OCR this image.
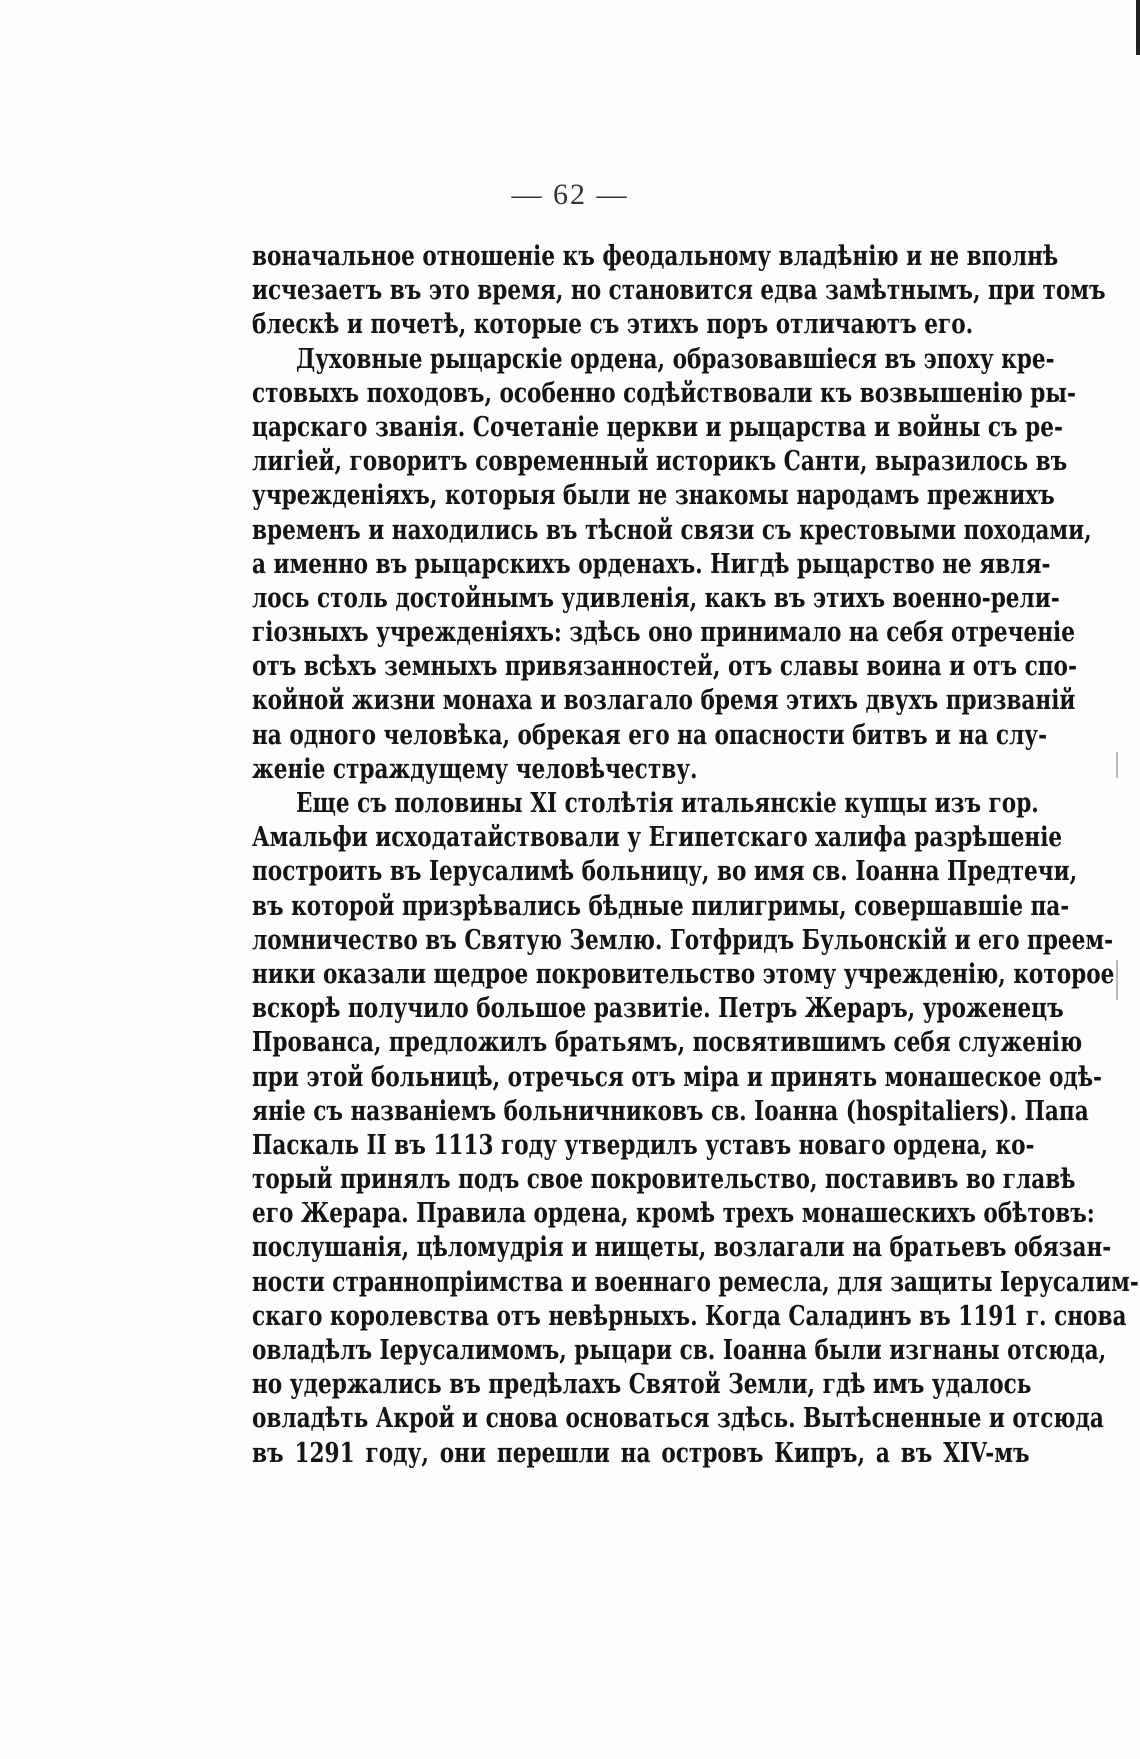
— 62 —
воначальное отношеніе къ феодальному владѣнію и не вполнѣ
исчезаетъ въ это время, но становится едва замѣтнымъ, при томъ
блескѣ и почетѣ, которые съ этихъ поръ отличаютъ его.
Духовные рыцарскіе ордена, образовавшіеся въ эпоху кре-
стовыхъ походовъ, особенно содѣйствовали къ возвышенію ры-
царскаго званія. Сочетаніе церкви и рыцарства и войны съ ре-
лигіей, говоритъ современный историкъ Санти, выразилось въ
учрежденіяхъ, которыя были не знакомы народамъ прежнихъ
временъ и находились въ тѣсной связи съ крестовыми походами,
а именно въ рыцарскихъ орденахъ. Нигдѣ рыцарство не явля-
лось столь достойнымъ удивленія, какъ въ этихъ военно-рели-
гіозныхъ учрежденіяхъ: здѣсь оно принимало на себя отреченіе
отъ всѣхъ земныхъ привязанностей, отъ славы воина и отъ спо-
койной жизни монаха и возлагало бремя этихъ двухъ призваній
на одного человѣка, обрекая его на опасности битвъ и на слу-
женіе страждущему человѣчеству.
Еще съ половины XI столѣтія итальянскіе купцы изъ гор.
Амальфи исходатайствовали у Египетскаго халифа разрѣшеніе
построить въ Іерусалимѣ больницу, во имя св. Іоанна Предтечи,
въ которой призрѣвались бѣдные пилигримы, совершавшіе па-
ломничество въ Святую Землю. Готфридъ Бульонскій и его преем-
ники оказали щедрое покровительство этому учрежденію, которое
вскорѣ получило большое развитіе. Петръ Жераръ, уроженецъ
Прованса, предложилъ братьямъ, посвятившимъ себя служенію
при этой больницѣ, отречься отъ міра и принять монашеское одѣ-
яніе съ названіемъ больничниковъ св. Іоанна (hospitaliers). Папа
Паскаль II въ 1113 году утвердилъ уставъ новаго ордена, ко-
торый принялъ подъ свое покровительство, поставивъ во главѣ
его Жерара. Правила ордена, кромѣ трехъ монашескихъ обѣтовъ:
послушанія, цѣломудрія и нищеты, возлагали на братьевъ обязан-
ности страннопріимства и военнаго ремесла, для защиты Іерусалим-
скаго королевства отъ невѣрныхъ. Когда Саладинъ въ 1191 г. снова
овладѣлъ Іерусалимомъ, рыцари св. Іоанна были изгнаны отсюда,
но удержались въ предѣлахъ Святой Земли, гдѣ имъ удалось
овладѣть Акрой и снова основаться здѣсь. Вытѣсненные и отсюда
въ 1291 году, они перешли на островъ Кипръ, а въ XIV-мъ
